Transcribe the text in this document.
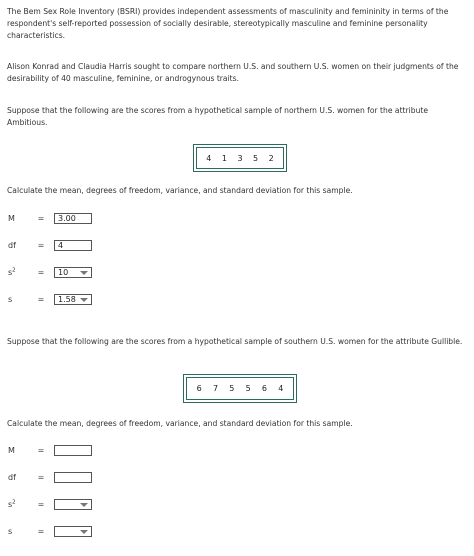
The Bem Sex Role Inventory (BSRI) provides independent assessments of masculinity and femininity in terms of the respondent's self-reported possession of socially desirable, stereotypically masculine and feminine personality characteristics.

Alison Konrad and Claudia Harris sought to compare northern U.S. and southern U.S. women on their judgments of the desirability of 40 masculine, feminine, or androgynous traits.

Suppose that the following are the scores from a hypothetical sample of northern U.S. women for the attribute Ambitious.

4 1 3 5 2

Calculate the mean, degrees of freedom, variance, and standard deviation for this sample.

M	=	3.00
df	=	4
$s^2$	=	10
s	=	1.58

Suppose that the following are the scores from a hypothetical sample of southern U.S. women for the attribute Gullible.

6 7 5 5 6 4

Calculate the mean, degrees of freedom, variance, and standard deviation for this sample.

M	=
df	=
$s^2$	=
s	=
